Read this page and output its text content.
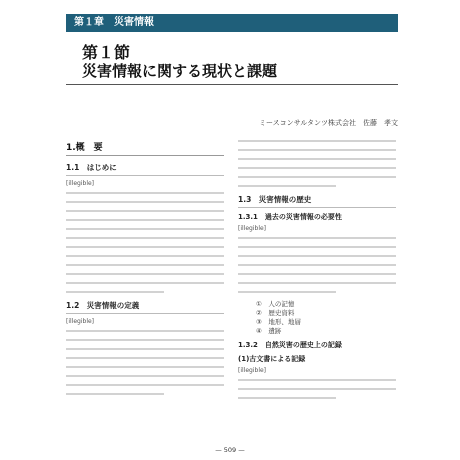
第１章　災害情報
第１節
災害情報に関する現状と課題
ミースコンサルタンツ株式会社　佐藤　孝文
1.概　要
1.1　はじめに
[illegible]
1.2　災害情報の定義
[illegible]
1.3　災害情報の歴史
1.3.1　過去の災害情報の必要性
[illegible]
①　人の記憶
②　歴史資料
③　地形、地層
④　遺跡
1.3.2　自然災害の歴史上の記録
(1)古文書による記録
[illegible]
— 509 —
